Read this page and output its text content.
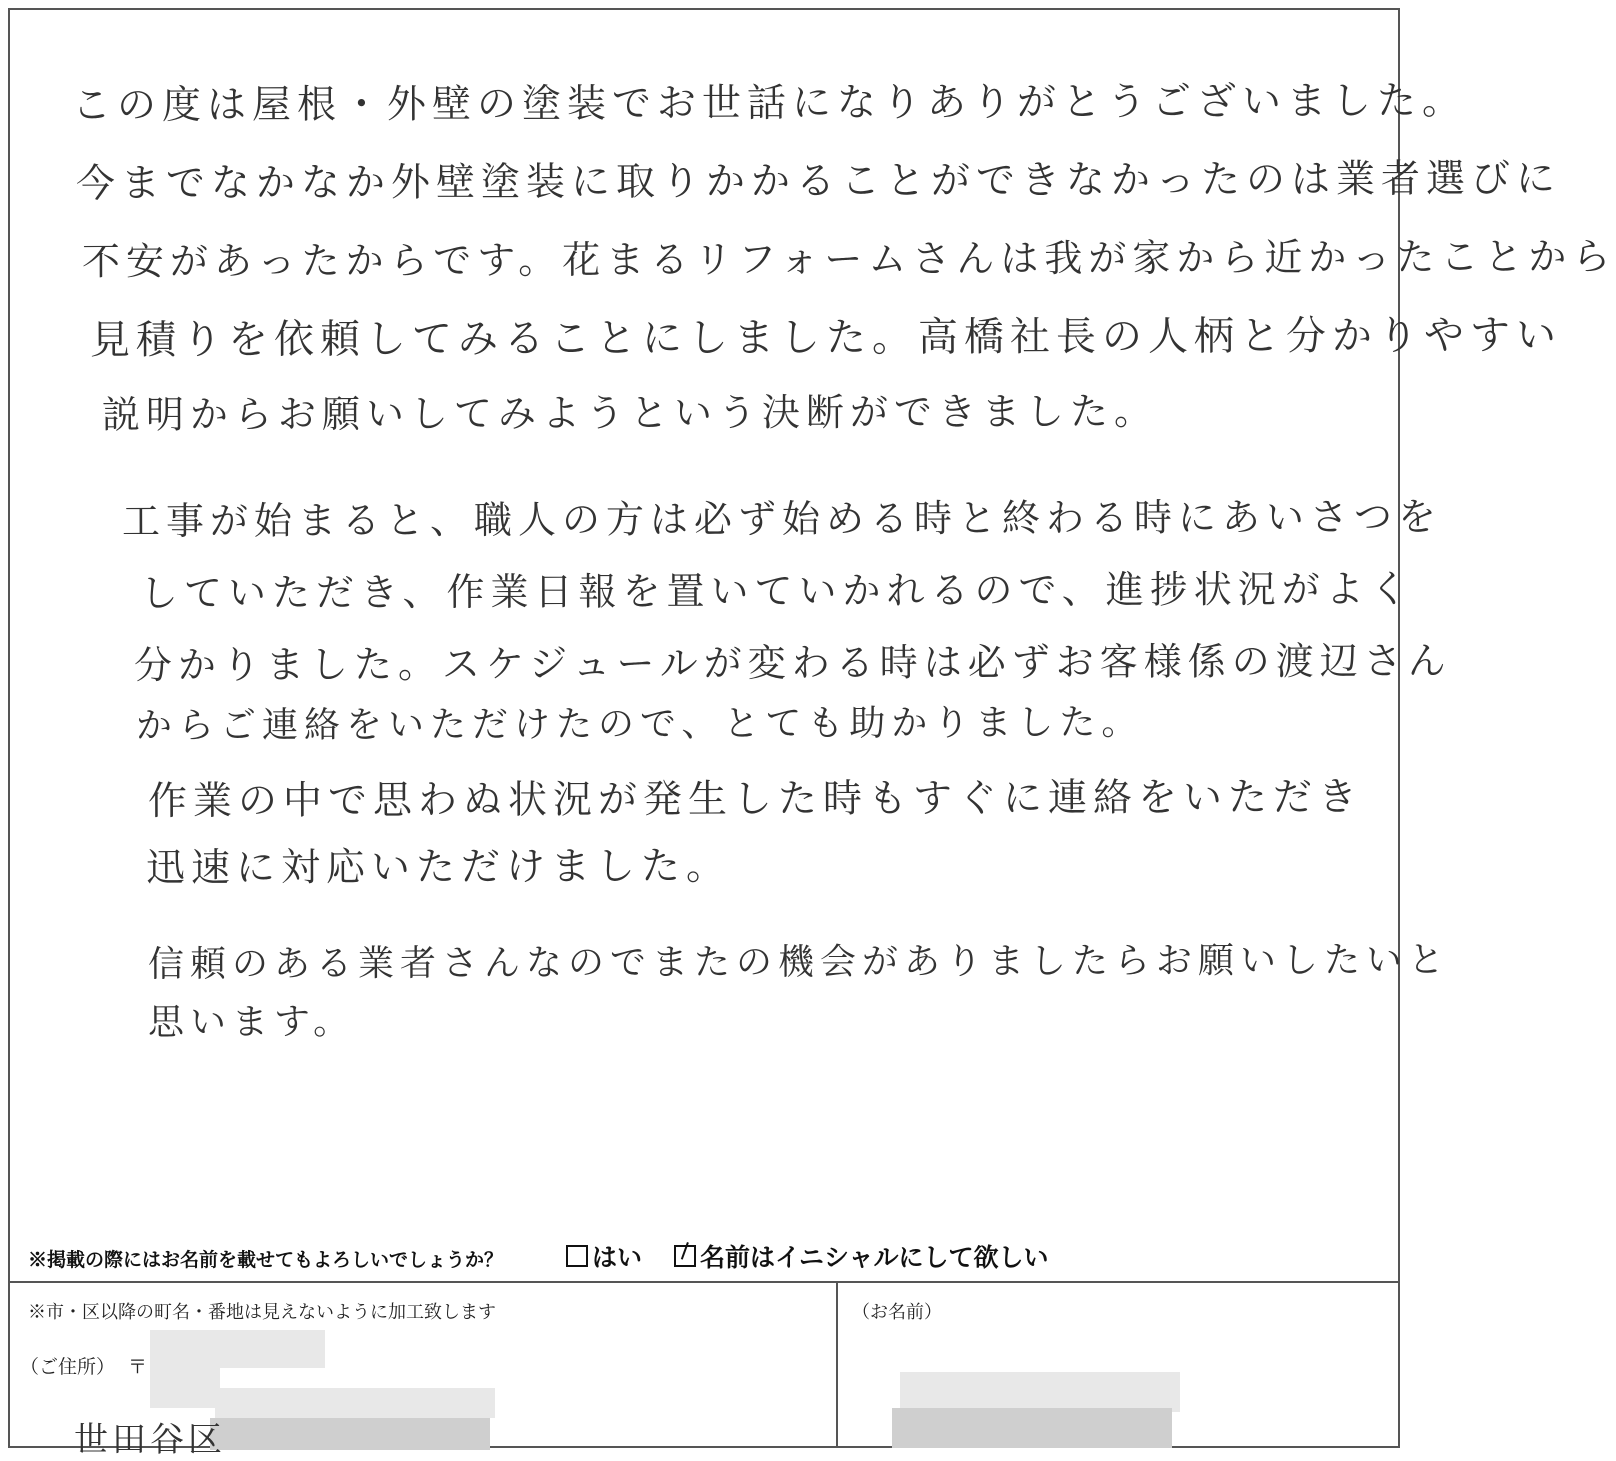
この度は屋根・外壁の塗装でお世話になりありがとうございました。
今までなかなか外壁塗装に取りかかることができなかったのは業者選びに
不安があったからです。花まるリフォームさんは我が家から近かったことから
見積りを依頼してみることにしました。高橋社長の人柄と分かりやすい
説明からお願いしてみようという決断ができました。
工事が始まると、職人の方は必ず始める時と終わる時にあいさつを
していただき、作業日報を置いていかれるので、進捗状況がよく
分かりました。スケジュールが変わる時は必ずお客様係の渡辺さん
からご連絡をいただけたので、とても助かりました。
作業の中で思わぬ状況が発生した時もすぐに連絡をいただき
迅速に対応いただけました。
信頼のある業者さんなのでまたの機会がありましたらお願いしたいと
思います。
※掲載の際にはお名前を載せてもよろしいでしょうか？	はい 名前はイニシャルにして欲しい
※市・区以降の町名・番地は見えないように加工致します
（ご住所） 〒
世田谷区
（お名前）
